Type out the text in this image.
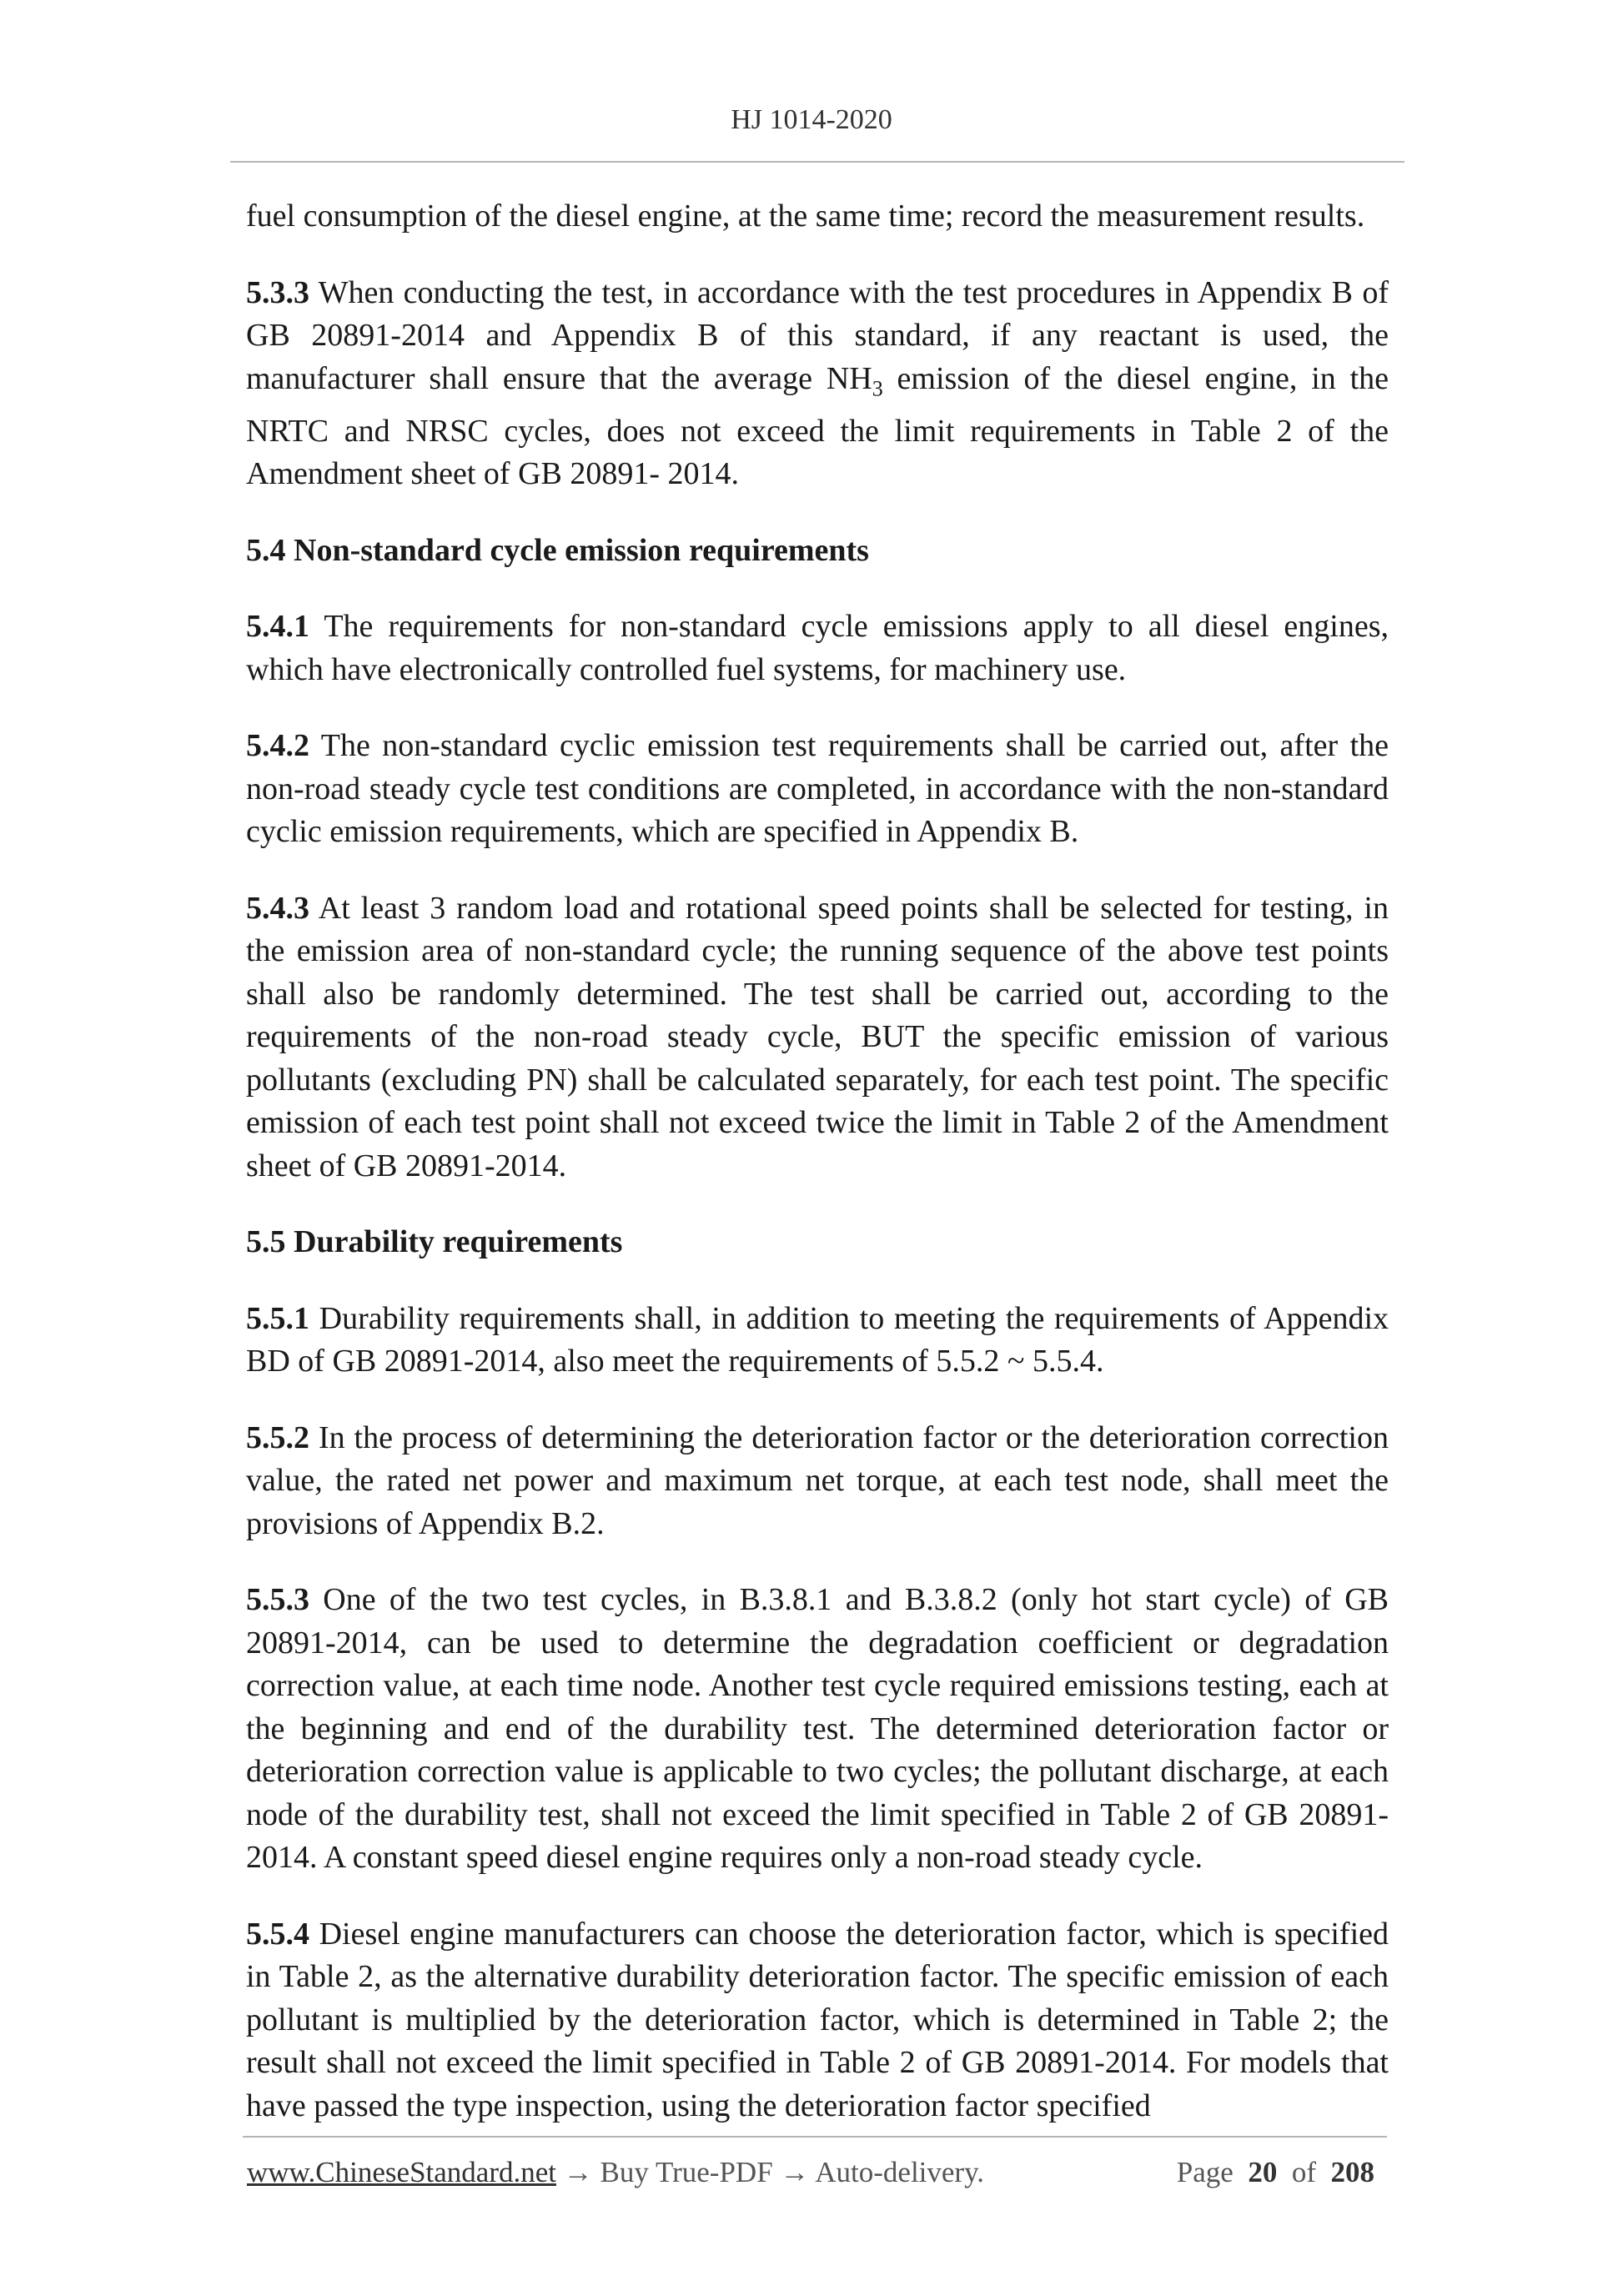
HJ 1014-2020

fuel consumption of the diesel engine, at the same time; record the measurement results.

5.3.3 When conducting the test, in accordance with the test procedures in Appendix B of GB 20891-2014 and Appendix B of this standard, if any reactant is used, the manufacturer shall ensure that the average $NH_3$ emission of the diesel engine, in the NRTC and NRSC cycles, does not exceed the limit requirements in Table 2 of the Amendment sheet of GB 20891- 2014.

5.4 Non-standard cycle emission requirements

5.4.1 The requirements for non-standard cycle emissions apply to all diesel engines, which have electronically controlled fuel systems, for machinery use.

5.4.2 The non-standard cyclic emission test requirements shall be carried out, after the non-road steady cycle test conditions are completed, in accordance with the non-standard cyclic emission requirements, which are specified in Appendix B.

5.4.3 At least 3 random load and rotational speed points shall be selected for testing, in the emission area of non-standard cycle; the running sequence of the above test points shall also be randomly determined. The test shall be carried out, according to the requirements of the non-road steady cycle, BUT the specific emission of various pollutants (excluding PN) shall be calculated separately, for each test point. The specific emission of each test point shall not exceed twice the limit in Table 2 of the Amendment sheet of GB 20891-2014.

5.5 Durability requirements

5.5.1 Durability requirements shall, in addition to meeting the requirements of Appendix BD of GB 20891-2014, also meet the requirements of 5.5.2 ~ 5.5.4.

5.5.2 In the process of determining the deterioration factor or the deterioration correction value, the rated net power and maximum net torque, at each test node, shall meet the provisions of Appendix B.2.

5.5.3 One of the two test cycles, in B.3.8.1 and B.3.8.2 (only hot start cycle) of GB 20891-2014, can be used to determine the degradation coefficient or degradation correction value, at each time node. Another test cycle required emissions testing, each at the beginning and end of the durability test. The determined deterioration factor or deterioration correction value is applicable to two cycles; the pollutant discharge, at each node of the durability test, shall not exceed the limit specified in Table 2 of GB 20891-2014. A constant speed diesel engine requires only a non-road steady cycle.

5.5.4 Diesel engine manufacturers can choose the deterioration factor, which is specified in Table 2, as the alternative durability deterioration factor. The specific emission of each pollutant is multiplied by the deterioration factor, which is determined in Table 2; the result shall not exceed the limit specified in Table 2 of GB 20891-2014. For models that have passed the type inspection, using the deterioration factor specified

www.ChineseStandard.net → Buy True-PDF → Auto-delivery.	Page 20 of 208
